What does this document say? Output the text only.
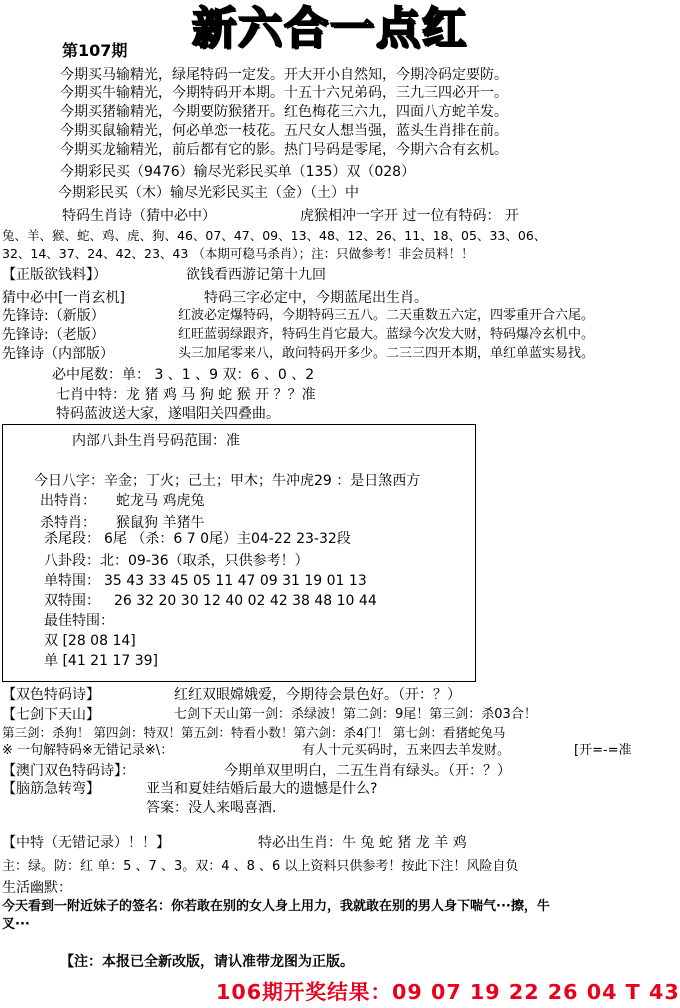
新六合一点红
第107期
今期买马输精光，绿尾特码一定发。开大开小自然知，今期冷码定要防。
今期买牛输精光，今期特码开本期。十五十六兄弟码，三九三四必开一。
今期买猪输精光，今期要防猴猪开。红色梅花三六九，四面八方蛇羊发。
今期买鼠输精光，何必单恋一枝花。五尺女人想当强，蓝头生肖排在前。
今期买龙输精光，前后都有它的影。热门号码是零尾，今期六合有玄机。
今期彩民买（9476）输尽光彩民买单（135）双（028）
今期彩民买（木）输尽光彩民买主（金）（土）中
特码生肖诗（猜中必中）	虎猴相冲一字开 过一位有特码： 开
兔、羊、猴、蛇、鸡、虎、狗、46、07、47、09、13、48、12、26、11、18、05、33、06、
32、14、37、24、42、23、43 （本期可稳马杀肖）；注：只做参考！非会员料！！
【正版欲钱料】）	欲钱看西游记第十九回
猜中必中[一肖玄机]	特码三字必定中，今期蓝尾出生肖。
先锋诗:（新版）	红波必定爆特码，今期特码三五八。二天重数五六定，四零重开合六尾。
先锋诗:（老版）	红旺蓝弱绿跟齐，特码生肖它最大。蓝绿今次发大财，特码爆冷玄机中。
先锋诗（内部版）	头三加尾零来八，敢问特码开多少。二三三四开本期，单红单蓝实易找。
必中尾数：单： 3 、1 、9 双：6 、0 、2
七肖中特：龙 猪 鸡 马 狗 蛇 猴 开 ？？准
特码蓝波送大家，遂唱阳关四叠曲。
内部八卦生肖号码范围：准
今日八字：辛金；丁火；己土；甲木；牛冲虎29 ：是日煞西方
出特肖： 蛇龙马 鸡虎兔
杀特肖： 猴鼠狗 羊猪牛
杀尾段： 6尾 （杀：6 7 0尾）主04-22 23-32段
八卦段： 北：09-36（取杀，只供参考！）
单特围： 35 43 33 45 05 11 47 09 31 19 01 13
双特围： 26 32 20 30 12 40 02 42 38 48 10 44
最佳特围：
双 [28 08 14]
单 [41 21 17 39]
【双色特码诗】	红红双眼嫦娥爱，今期待会景色好。（开：？）
【七剑下天山】	七剑下天山第一剑：杀绿波！第二剑：9尾！第三剑：杀03合！
第三剑：杀狗！ 第四剑：特双！第五剑：特看小数！第六剑：杀4门！ 第七剑：看猪蛇兔马
※ 一句解特码※无错记录※\：	有人十元买码时，五来四去羊发财。	[开=-=准
【澳门双色特码诗】：	今期单双里明白，二五生肖有绿头。（开：？）
【脑筋急转弯】	亚当和夏娃结婚后最大的遗憾是什么?
答案：没人来喝喜酒.
【中特（无错记录）！！】	特必出生肖：牛 兔 蛇 猪 龙 羊 鸡
主：绿。防：红 单：5 、7 、3。双：4 、8 、6 以上资料只供参考！按此下注！风险自负
生活幽默：
今天看到一附近妹子的签名：你若敢在别的女人身上用力，我就敢在别的男人身下喘气···擦，牛
叉···
【注：本报已全新改版，请认准带龙图为正版。
106期开奖结果：09 07 19 22 26 04 T 43
